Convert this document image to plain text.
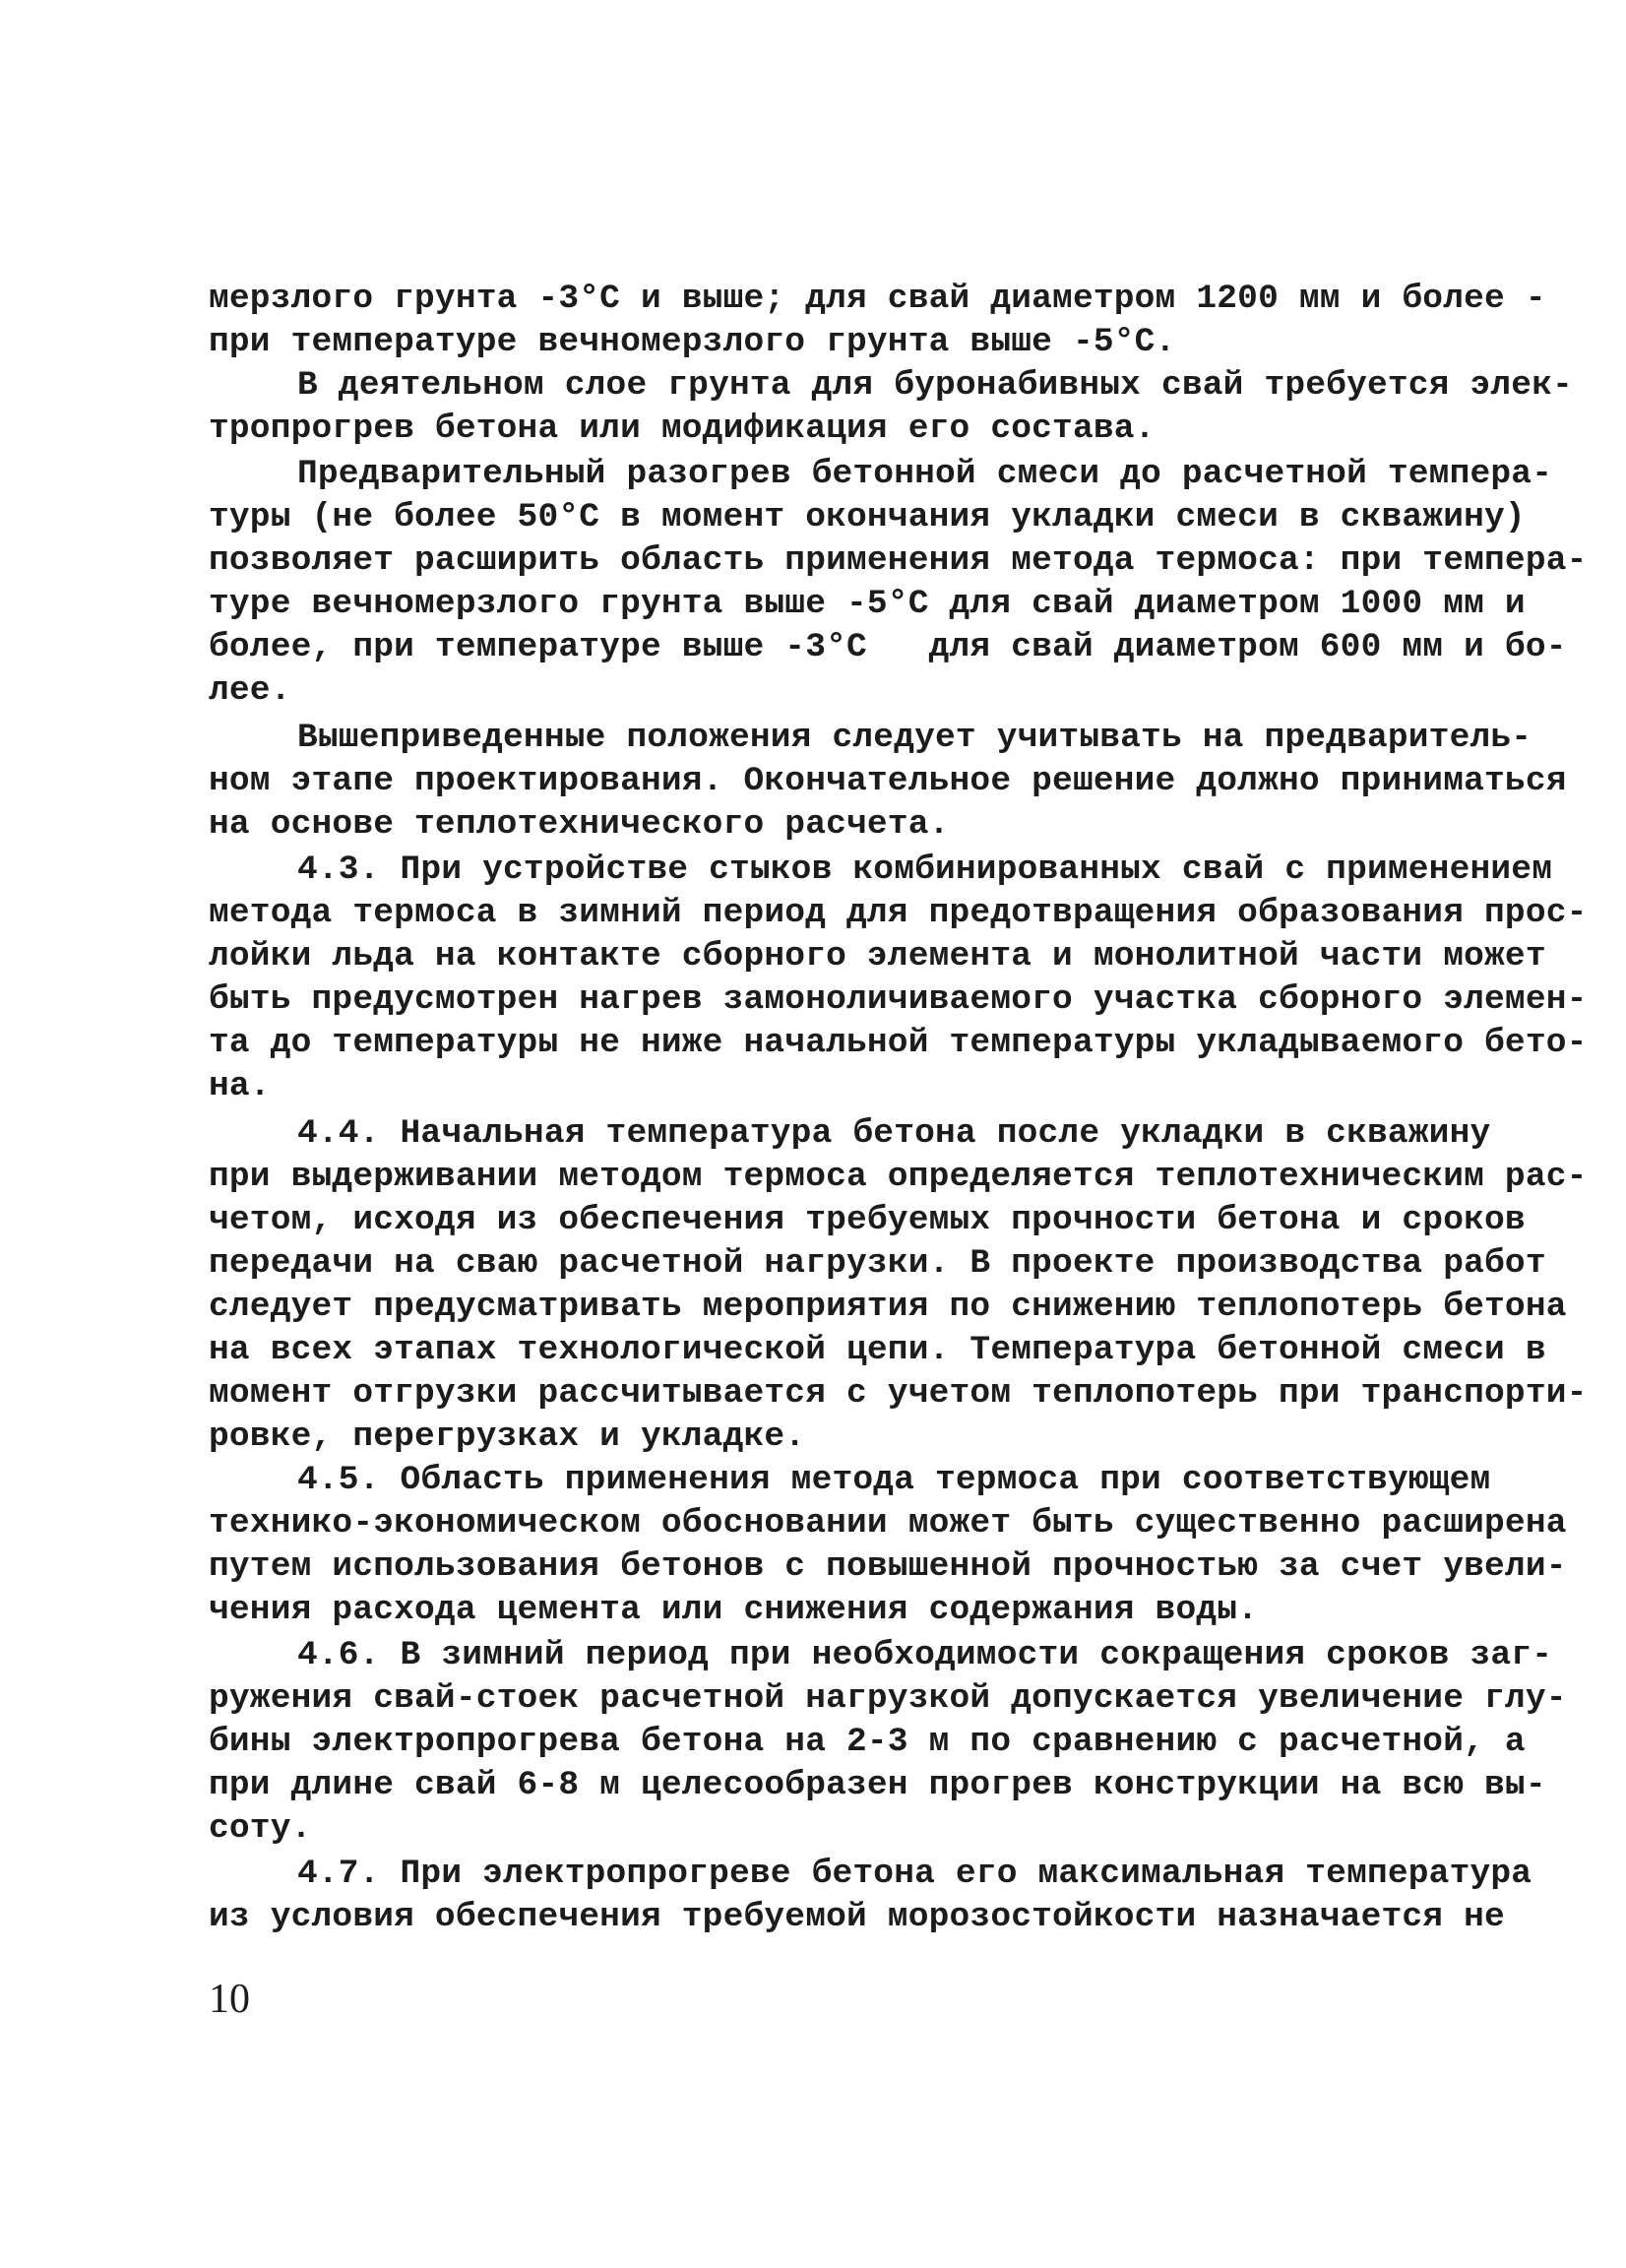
мерзлого грунта -3°С и выше; для свай диаметром 1200 мм и более -

при температуре вечномерзлого грунта выше -5°С.

В деятельном слое грунта для буронабивных свай требуется элек-

тропрогрев бетона или модификация его состава.

Предварительный разогрев бетонной смеси до расчетной темпера-

туры (не более 50°С в момент окончания укладки смеси в скважину)

позволяет расширить область применения метода термоса: при темпера-

туре вечномерзлого грунта выше -5°С для свай диаметром 1000 мм и

более, при температуре выше -3°С   для свай диаметром 600 мм и бо-

лее.

Вышеприведенные положения следует учитывать на предваритель-

ном этапе проектирования. Окончательное решение должно приниматься

на основе теплотехнического расчета.

4.3. При устройстве стыков комбинированных свай с применением

метода термоса в зимний период для предотвращения образования прос-

лойки льда на контакте сборного элемента и монолитной части может

быть предусмотрен нагрев замоноличиваемого участка сборного элемен-

та до температуры не ниже начальной температуры укладываемого бето-

на.

4.4. Начальная температура бетона после укладки в скважину

при выдерживании методом термоса определяется теплотехническим рас-

четом, исходя из обеспечения требуемых прочности бетона и сроков

передачи на сваю расчетной нагрузки. В проекте производства работ

следует предусматривать мероприятия по снижению теплопотерь бетона

на всех этапах технологической цепи. Температура бетонной смеси в

момент отгрузки рассчитывается с учетом теплопотерь при транспорти-

ровке, перегрузках и укладке.

4.5. Область применения метода термоса при соответствующем

технико-экономическом обосновании может быть существенно расширена

путем использования бетонов с повышенной прочностью за счет увели-

чения расхода цемента или снижения содержания воды.

4.6. В зимний период при необходимости сокращения сроков заг-

ружения свай-стоек расчетной нагрузкой допускается увеличение глу-

бины электропрогрева бетона на 2-3 м по сравнению с расчетной, а

при длине свай 6-8 м целесообразен прогрев конструкции на всю вы-

соту.

4.7. При электропрогреве бетона его максимальная температура

из условия обеспечения требуемой морозостойкости назначается не

10
